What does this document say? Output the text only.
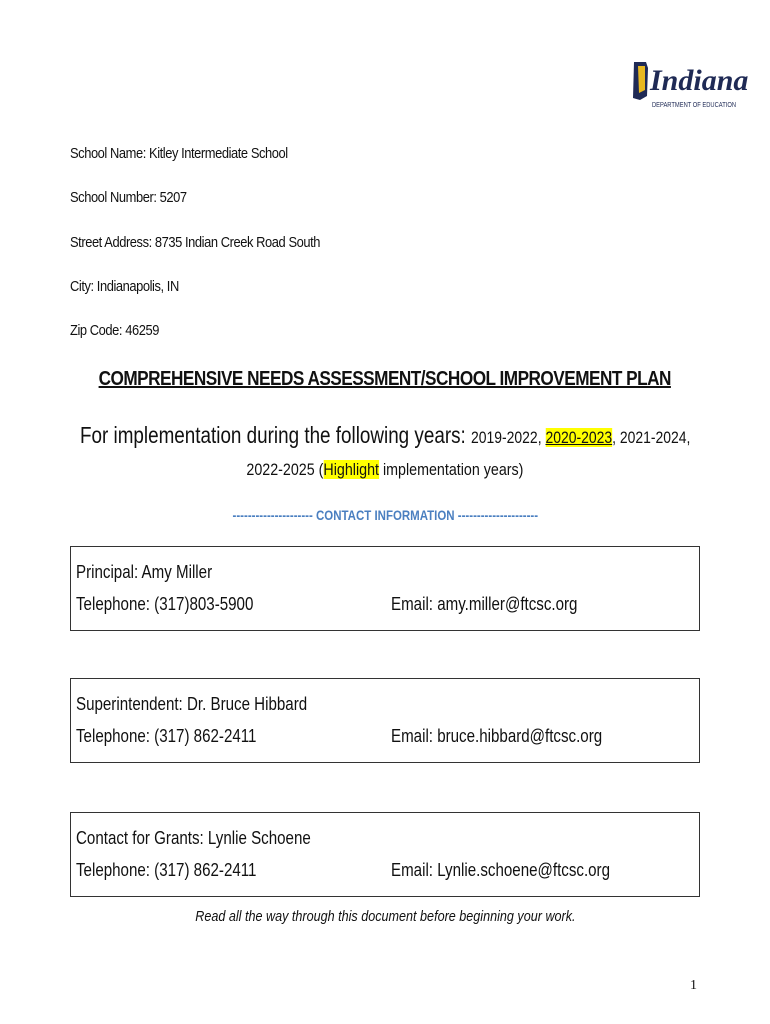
Indiana
DEPARTMENT OF EDUCATION
School Name: Kitley Intermediate School
School Number: 5207
Street Address: 8735 Indian Creek Road South
City: Indianapolis, IN
Zip Code: 46259
COMPREHENSIVE NEEDS ASSESSMENT/SCHOOL IMPROVEMENT PLAN
For implementation during the following years: 2019-2022, 2020-2023, 2021-2024,
2022-2025 (Highlight implementation years)
--------------------- CONTACT INFORMATION ---------------------
Principal: Amy Miller
Telephone: (317)803-5900	Email: amy.miller@ftcsc.org
Superintendent: Dr. Bruce Hibbard
Telephone: (317) 862-2411	Email: bruce.hibbard@ftcsc.org
Contact for Grants: Lynlie Schoene
Telephone: (317) 862-2411	Email: Lynlie.schoene@ftcsc.org
Read all the way through this document before beginning your work.
1
